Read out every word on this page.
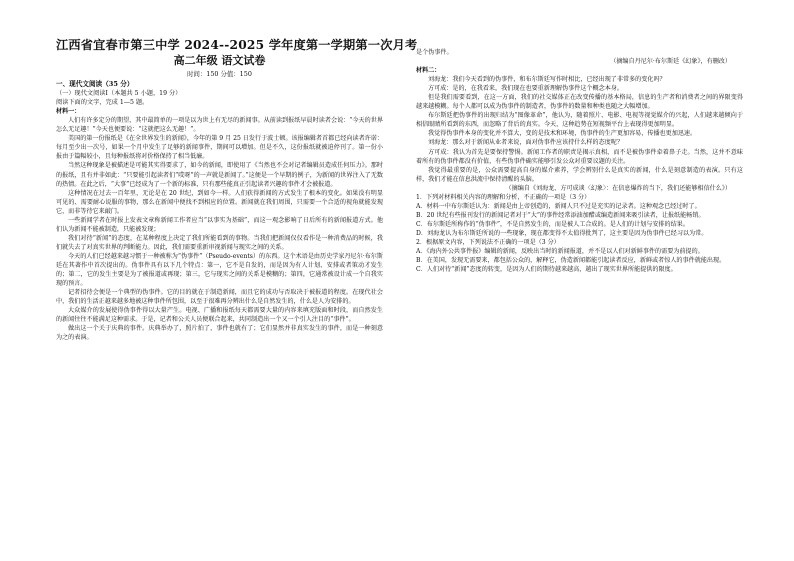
江西省宜春市第三中学 2024--2025 学年度第一学期第一次月考
高二年级 语文试卷
时间：150 分值：150
一、现代文阅读（35 分）
（一）现代文阅读Ⅰ（本题共 5 小题，19 分）
阅读下面的文字，完成 1—5 题。
材料一：

人们有许多定分的期望，其中最简单的一项是以为世上有无尽的新闻事。从前读到报纸早晨时读者会说：“今天的世界怎么无足趣！”今天也便要说：“这就把这么无趣！”。

美国的第一份报纸是《在全世界发生的新闻》，今年的第 9 月 25 日发行于波士顿。该报编辑者首都已经向读者许诺：每月至少出一次号，如果一个月中发生了足够的新闻事件，期间可以增加。但是不久，这份报纸就被迫停刊了。第一份小报由于篇幅较小，且每种报纸将对价格保持了相当低廉。

当然这种现象是被描述是可能其实得要求了，如今的新闻，即使用了《当然也不会对记者编辑员造成任何压力》。那时的报纸，且有并非如此：“只要能引起读者们“哎呀”的一声就是新闻了。”这便是一个早期的例子，为新闻的世界注入了无数的热情。在此之后，“大事”已经成为了一个新的标准，只有那些能真正引起读者兴趣的事件才会被报道。

这种情况在过去一百年里，无论是在 20 世纪，到如今一样。人们获得新闻的方式发生了根本的变化。如果没有明显可见的、需要耐心说服的事物，那么在新闻中便找不到相应的位置。新闻就在我们周围，只需要一个合适的视角就能发现它，而非等待它来敲门。

一些新闻学者在时报上发表文章称新闻工作者应当“以事实为基础”，而这一观念影响了日后所有的新闻报道方式。他们认为新闻不能被制造，只能被发现；

我们对待“新闻”的态度，在某种程度上决定了我们所能看到的事物。当我们把新闻仅仅看作是一种消费品的时候，我们就失去了对真实世界的判断能力。因此，我们需要重新审视新闻与现实之间的关系。

今天的人们已经越来越习惯于一种被称为“伪事件”（Pseudo-events）的东西。这个术语是由历史学家丹尼尔·布尔斯廷在其著作中首次提出的。伪事件具有以下几个特点：第一，它不是自发的，而是因为有人计划、安排或者策动才发生的；第二，它的发生主要是为了被报道或再现；第三，它与现实之间的关系是模糊的；第四，它通常被设计成一个自我实现的预言。

记者招待会便是一个典型的伪事件。它的目的就在于制造新闻，而且它的成功与否取决于被报道的程度。在现代社会中，我们的生活正越来越多地被这种事件所包围，以至于很难再分辨出什么是自然发生的，什么是人为安排的。

大众媒介的发展使得伪事件得以大量产生。电视、广播和报纸每天都需要大量的内容来填充版面和时段，而自然发生的新闻往往不能满足这种需求。于是，记者和公关人员便联合起来，共同制造出一个又一个引人注目的“事件”。

做出这一个关于庆典的事件。庆典举办了，照片拍了，事件也就有了；它们显然并非真实发生的事件，而是一种刻意为之的表演。

是个伪事件。

（摘编自丹尼尔·布尔斯廷《幻象》，有删改）
材料二：

刘海龙：我们今天看到的伪事件，和布尔斯廷写作时相比，已经出现了非常多的变化吗？

方可成：是的，在我看来，我们现在也要重新理解伪事件这个概念本身。

但是我们需要看到，在这一方面，我们的社交媒体正在改变传播的基本格局，信息的生产者和消费者之间的界限变得越来越模糊。每个人都可以成为伪事件的制造者，伪事件的数量和种类也随之大幅增加。

布尔斯廷把伪事件的出现归结为“图像革命”，他认为，随着照片、电影、电视等视觉媒介的兴起，人们越来越倾向于相信眼睛所看到的东西，而忽略了背后的真实。今天，这种趋势在短视频平台上表现得更加明显。

我觉得伪事件本身的变化并不算大，变的是技术和环境，伪事件的生产更加容易，传播也更加迅速。

刘海龙：那么对于新闻从业者来说，面对伪事件应该持什么样的态度呢？

方可成：我认为首先是要保持警惕。新闻工作者的职责是揭示真相，而不是被伪事件牵着鼻子走。当然，这并不意味着所有的伪事件都没有价值，有些伪事件确实能够引发公众对重要议题的关注。

我觉得最重要的是，公众需要提高自身的媒介素养，学会辨别什么是真实的新闻，什么是刻意制造的表演。只有这样，我们才能在信息洪流中保持清醒的头脑。

（摘编自《刘海龙、方可成谈〈幻象〉：在信息爆炸的当下，我们还能够相信什么》）
1．下列对材料相关内容的理解和分析，不正确的一项是（3 分）
A．材料一中布尔斯廷认为：新闻是由上帝创造的，新闻人只不过是充实的记录者。这种观念已经过时了。
B．20 世纪有些报刊发行的新闻记者对于“大”的事件经常添油加醋或编造新闻来吸引读者，让报纸能畅销。
C．布尔斯廷所称作的“伪事件”，不是自然发生的，而是被人工合成的。是人们的计划与安排的结果。
D．刘海龙认为布尔斯廷所说的一些现象，现在都变得不太值得批判了，这主要是因为伪事件已经习以为常。
2．根据原文内容，下列说法不正确的一项是（3 分）
A．《海内外公共事件报》编辑的新闻，反映出当时的新闻报道，并不是以人们对新鲜事件的需要为前提的。
B．在美国，发现无需要来，都包括公众的，解释它，伪造新闻都能引起读者反应，新鲜或者惊人的事件就能出现。
C．人们对待“新闻”态度的转变，是因为人们的期待越来越高，越出了现实世界所能提供的限度。
